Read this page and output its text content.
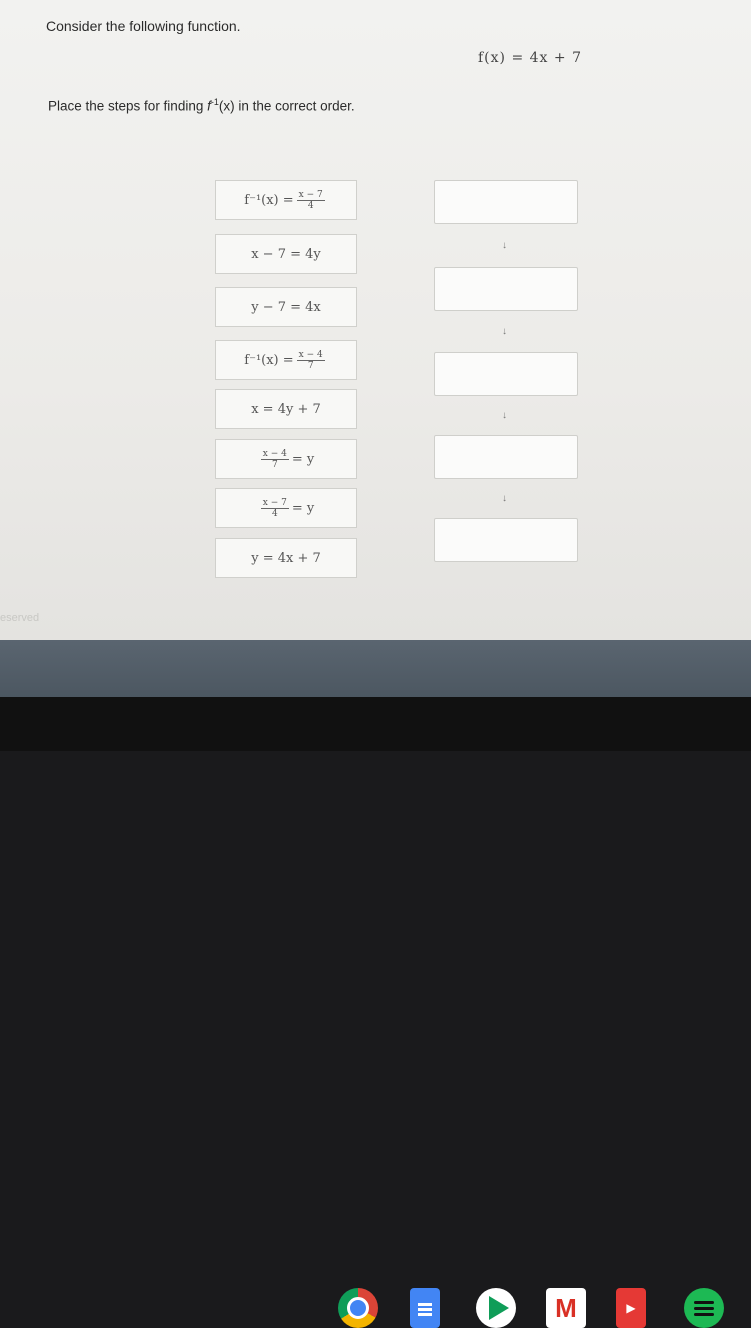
Consider the following function.
f(x) = 4x + 7
Place the steps for finding $f^{-1}(x)$ in the correct order.
$f^{-1}(x) = \frac{x - 7}{4}$
x − 7 = 4y
y − 7 = 4x
$f^{-1}(x) = \frac{x - 4}{7}$
x = 4y + 7
$\frac{x - 4}{7} = y$
$\frac{x - 7}{4} = y$
y = 4x + 7
↓
↓
↓
↓
eserved
M	▶
